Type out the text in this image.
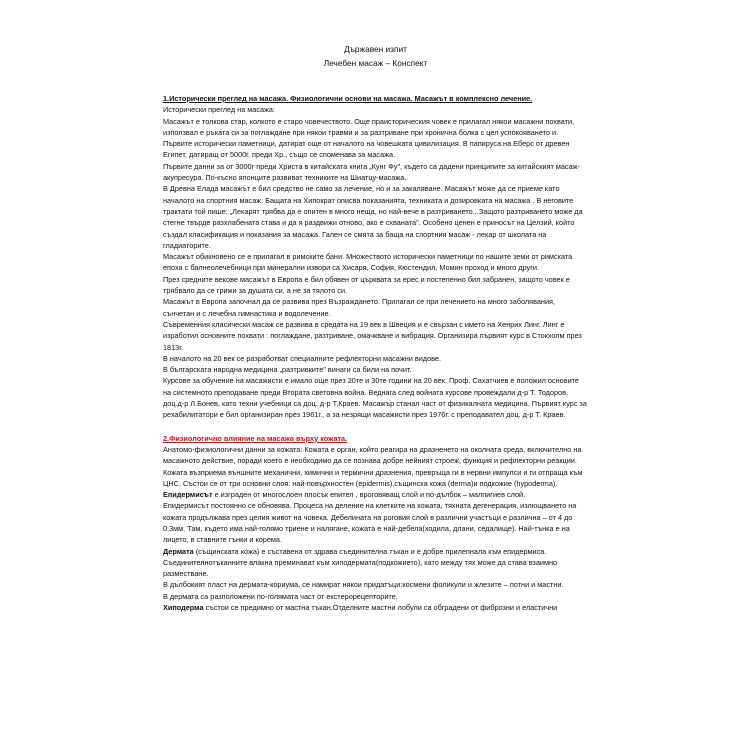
Държавен изпит

Лечебен масаж – Конспект

1.Исторически преглед на масажа. Физиологични основи на масажа. Масажът в комплексно лечение.

Исторически преглед на масажа:

Масажът е толкова стар, колкото е старо човечеството. Още праисторическия човек е прилагал някои масажни похвати, използвал е ръката си за поглаждане при някои травми и за разтриване при хронична болка с цел успокояването и.

Първите исторически паметници, датират още от началото на човешката цивилизация. В папируса на Еберс от древен Египет, датиращ от 5000г. преди Хр., също се споменава за масажа.

Първите данни за от 3000г преди Христа в китайската книга „Кунг Фу", където са дадени принципите за китайският масаж-акупресура. По-късно японците развиват техниките на Шиатцу-масажа.

В Древна Елада масажът е бил средство не само за лечение, но и за закаляване. Масажът може да се приеме като началото на спортния масаж. Бащата на Хипократ описва показанията, техниката и дозировката на масажа . В неговите трактати той пише: „Лекарят трябва да е опитен в много неща, но най-вече в разтриването...Защото разтриването може да стегне твърде разхлабената става и да я раздвижи отново, ако е схваната". Особено ценен е приносът на Целзий, който създал класификация и показания за масажа. Гален се смята за баща на спортния масаж - лекар от школата на гладиаторите.

Масажът обикновено се е прилагал в римските бани. Множеството исторически паметници по нашите земи от римската епоха с балнеолечебници при минерални извори са Хисаря, София, Кюстендил, Момин проход и много други.

През средните векове масажът в Европа е бил обявен от църквата за ерес и постепенно бил забранен, защото човек е трябвало да се грижи за душата си, а не за тялото си.

Масажът в Европа започнал да се развива през Възраждането. Прилагал се при лечението на много заболявания, сънчетан и с лечебна гимнастика и водолечение.

Съвременния класически масаж се развива в средата на 19 век в Швеция и е свързан с името на Хенрих Линг. Линг е изработил основните похвати : поглаждане, разтриване, омачкване и вибрация. Организира първият курс в Стокхолм през 1813г.

В началото на 20 век се разработват специалните рефлекторни масажни видове.

В българската народна медицина „разтривките" винаги са били на почит.

Курсове за обучение на масажисти е имало още през 20те и 30те години на 20 век. Проф. Сахатчиев е положил основите на системното преподаване преди Втората световна война. Веднага след войната курсове провеждали д-р Т. Тодоров, доц.д-р Л.Бонев, като техни учебници са доц. д-р Т.Краев. Масажър станал част от физикалната медицина. Първият курс за рехабилитатори е бил организиран през 1961г., а за незрящи масажисти през 1976г. с преподавател доц. д-р Т. Краев.

2.Физиологично влияние на масажа върху кожата.

Анатомо-физиологични данни за кожата: Кожата е орган, който реагира на дразненето на околната среда, включително на масажното действие, поради което е необходимо да се познава добре нейният строеж, функция и рефлекторни реакции. Кожата възприема външните механични, химични и термични дразнения, превръща ги в нервни импулси и ги отпраща към ЦНС. Състои се от три основни слоя: най-повърхностен (epidermis),същинска кожа (derma)и подкожие (hypoderma).

Епидермисът е изграден от многослоен плосък епител , вроговяващ слой и по-дълбок – малпигиев слой.

Епидермисът постоянно се обновява. Процеса на деление на клетките на кожата, тяхната дегенерация, излющването на кожата продължава през целия живот на човека. Дебелината на роговия слой в различни участъци е различна – от 4 до 0.3мм. Там, където има най-голямо триене и налягане, кожата е най-дебела(ходила, длани, седалище). Най-тънка е на лицето, в ставните гънки и корема.

Дермата (същинската кожа) е съставена от здрава съединителна тъкан и е добре прилепнала към епидермиса. Съединителнотъканните влакна преминават към хиподермата(подкожието), като между тях може да става взаимно разместване.

В дълбокият пласт на дермата-кориума, се намират някои придатъци:космени фоликули и жлезите – потни и мастни.

В дермата са разположени по-голямата част от екстерорецепторите.

Хиподерма състои се предимно от мастна тъкан.Отделните мастни лобули са обградени от фиброзни и еластични
